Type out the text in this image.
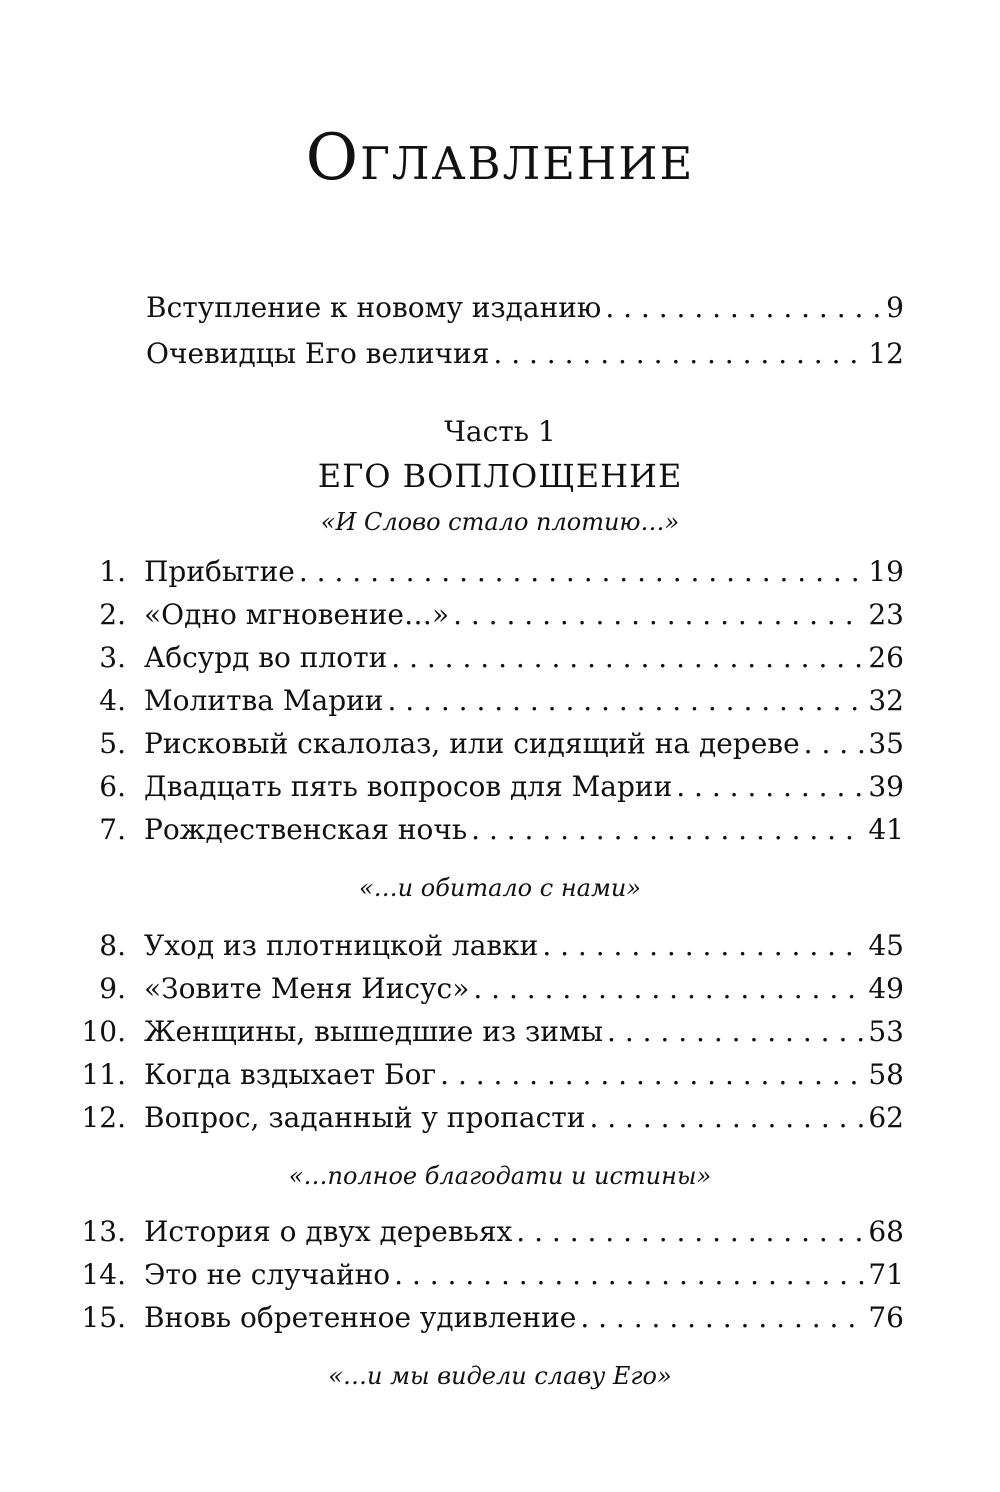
Оглавление
Вступление к новому изданию . . .	9
Очевидцы Его величия . . .	12
Часть 1
ЕГО ВОПЛОЩЕНИЕ
«И Слово стало плотию…»
1. Прибытие . . .	19
2. «Одно мгновение…» . . .	23
3. Абсурд во плоти . . .	26
4. Молитва Марии . . .	32
5. Рисковый скалолаз, или сидящий на дереве . . . 35
6. Двадцать пять вопросов для Марии . . .	39
7. Рождественская ночь . . .	41
«…и обитало с нами»
8. Уход из плотницкой лавки . . .	45
9. «Зовите Меня Иисус» . . .	49
10. Женщины, вышедшие из зимы . . .	53
11. Когда вздыхает Бог . . .	58
12. Вопрос, заданный у пропасти . . .	62
«…полное благодати и истины»
13. История о двух деревьях . . .	68
14. Это не случайно . . .	71
15. Вновь обретенное удивление . . .	76
«…и мы видели славу Его»
